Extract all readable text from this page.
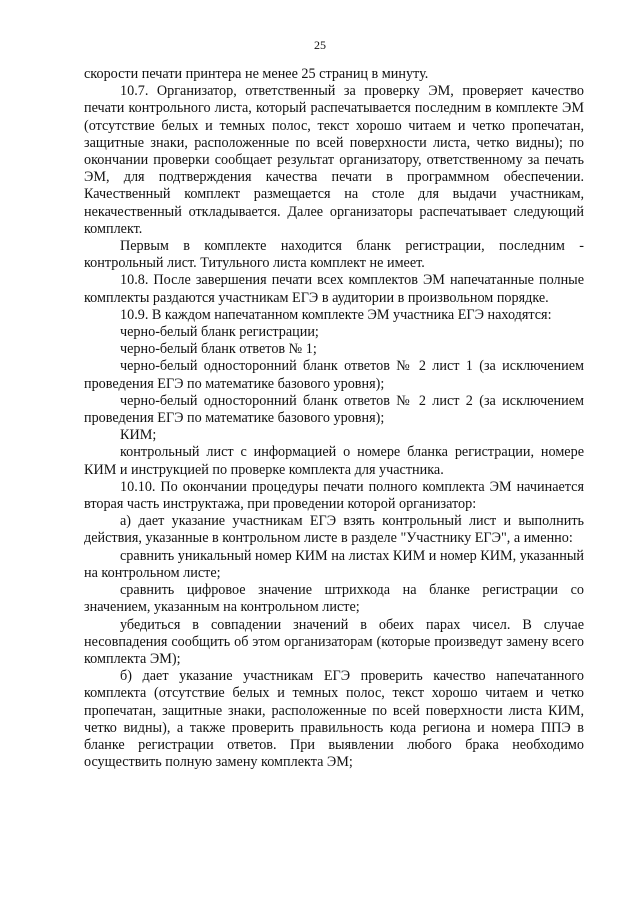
25

скорости печати принтера не менее 25 страниц в минуту.

10.7. Организатор, ответственный за проверку ЭМ, проверяет качество печати контрольного листа, который распечатывается последним в комплекте ЭМ (отсутствие белых и темных полос, текст хорошо читаем и четко пропечатан, защитные знаки, расположенные по всей поверхности листа, четко видны); по окончании проверки сообщает результат организатору, ответственному за печать ЭМ, для подтверждения качества печати в программном обеспечении. Качественный комплект размещается на столе для выдачи участникам, некачественный откладывается. Далее организаторы распечатывает следующий комплект.

Первым в комплекте находится бланк регистрации, последним - контрольный лист. Титульного листа комплект не имеет.

10.8. После завершения печати всех комплектов ЭМ напечатанные полные комплекты раздаются участникам ЕГЭ в аудитории в произвольном порядке.

10.9. В каждом напечатанном комплекте ЭМ участника ЕГЭ находятся:

черно-белый бланк регистрации;

черно-белый бланк ответов № 1;

черно-белый односторонний бланк ответов № 2 лист 1 (за исключением проведения ЕГЭ по математике базового уровня);

черно-белый односторонний бланк ответов № 2 лист 2 (за исключением проведения ЕГЭ по математике базового уровня);

КИМ;

контрольный лист с информацией о номере бланка регистрации, номере КИМ и инструкцией по проверке комплекта для участника.

10.10. По окончании процедуры печати полного комплекта ЭМ начинается вторая часть инструктажа, при проведении которой организатор:

а) дает указание участникам ЕГЭ взять контрольный лист и выполнить действия, указанные в контрольном листе в разделе "Участнику ЕГЭ", а именно:

сравнить уникальный номер КИМ на листах КИМ и номер КИМ, указанный на контрольном листе;

сравнить цифровое значение штрихкода на бланке регистрации со значением, указанным на контрольном листе;

убедиться в совпадении значений в обеих парах чисел. В случае несовпадения сообщить об этом организаторам (которые произведут замену всего комплекта ЭМ);

б) дает указание участникам ЕГЭ проверить качество напечатанного комплекта (отсутствие белых и темных полос, текст хорошо читаем и четко пропечатан, защитные знаки, расположенные по всей поверхности листа КИМ, четко видны), а также проверить правильность кода региона и номера ППЭ в бланке регистрации ответов. При выявлении любого брака необходимо осуществить полную замену комплекта ЭМ;
